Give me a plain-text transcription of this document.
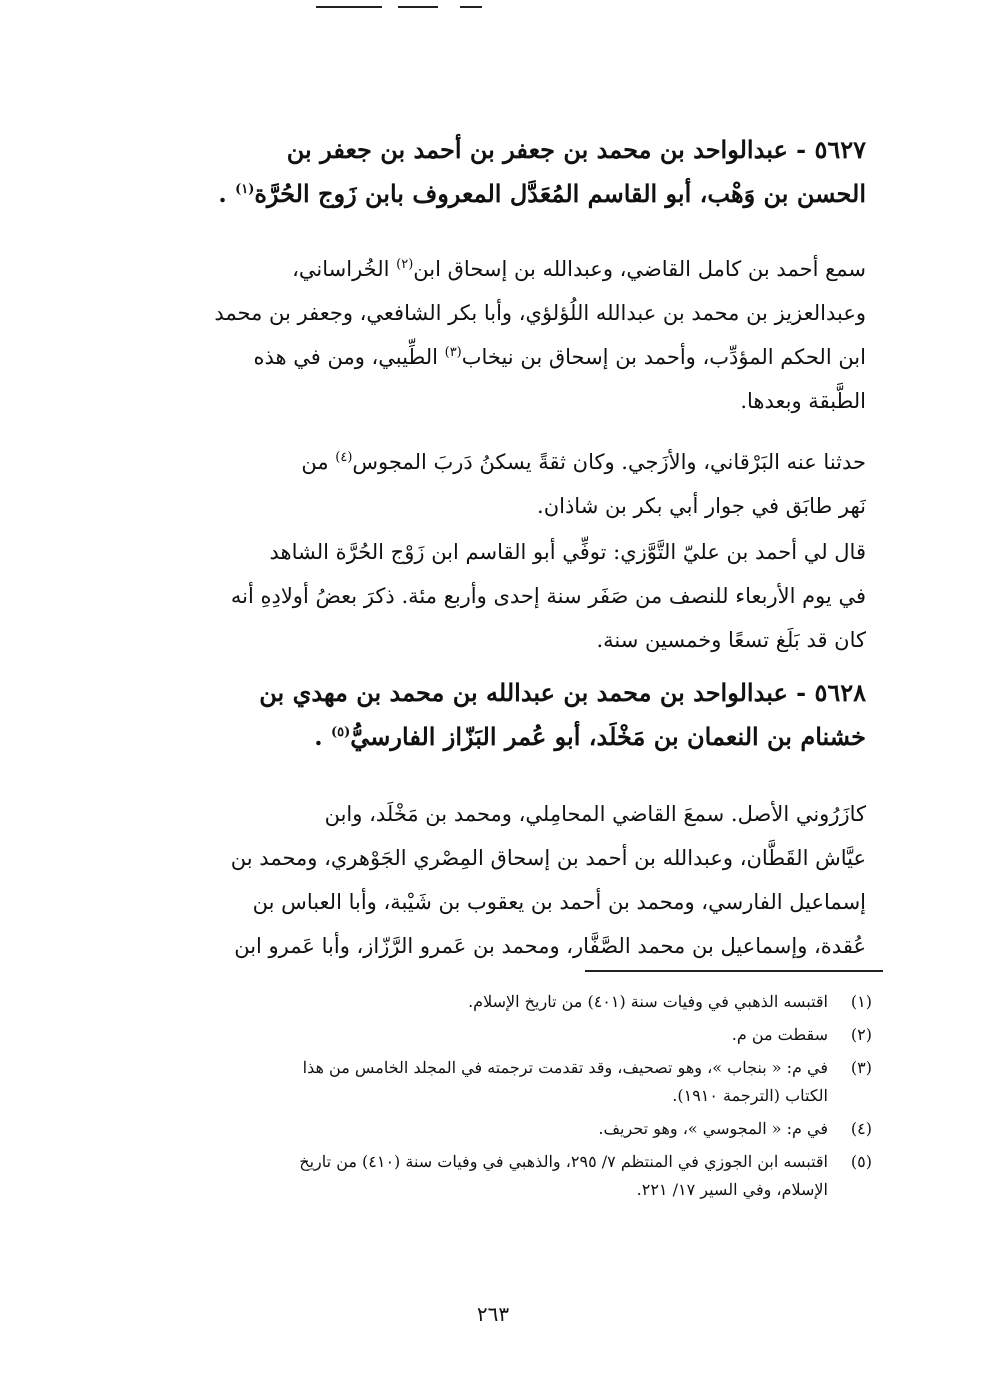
٥٦٢٧ - عبدالواحد بن محمد بن جعفر بن أحمد بن جعفر بن
الحسن بن وَهْب، أبو القاسم المُعَدَّل المعروف بابن زَوج الحُرَّة$^{(١)}$ .
سمع أحمد بن كامل القاضي، وعبدالله بن إسحاق ابن$^{(٢)}$ الخُراساني،
وعبدالعزيز بن محمد بن عبدالله اللُؤلؤي، وأبا بكر الشافعي، وجعفر بن محمد
ابن الحكم المؤدِّب، وأحمد بن إسحاق بن نيخاب$^{(٣)}$ الطِّيبي، ومن في هذه
الطَّبقة وبعدها.
حدثنا عنه البَرْقاني، والأزَجي. وكان ثقةً يسكنُ دَربَ المجوس$^{(٤)}$ من
نَهر طابَق في جوار أبي بكر بن شاذان.
قال لي أحمد بن عليّ التَّوَّزي: توفِّي أبو القاسم ابن زَوْج الحُرَّة الشاهد
في يوم الأربعاء للنصف من صَفَر سنة إحدى وأربع مئة. ذكرَ بعضُ أولادِهِ أنه
كان قد بَلَغ تسعًا وخمسين سنة.
٥٦٢٨ - عبدالواحد بن محمد بن عبدالله بن محمد بن مهدي بن
خشنام بن النعمان بن مَخْلَد، أبو عُمر البَزّاز الفارسيُّ$^{(٥)}$ .
كازَرُوني الأصل. سمعَ القاضي المحامِلي، ومحمد بن مَخْلَد، وابن
عيَّاش القَطَّان، وعبدالله بن أحمد بن إسحاق المِصْري الجَوْهري، ومحمد بن
إسماعيل الفارسي، ومحمد بن أحمد بن يعقوب بن شَيْبة، وأبا العباس بن
عُقدة، وإسماعيل بن محمد الصَّفَّار، ومحمد بن عَمرو الرَّزّاز، وأبا عَمرو ابن
(١)
اقتبسه الذهبي في وفيات سنة (٤٠١) من تاريخ الإسلام.
(٢)
سقطت من م.
(٣)
في م: « بنجاب »، وهو تصحيف، وقد تقدمت ترجمته في المجلد الخامس من هذا
الكتاب (الترجمة ١٩١٠).
(٤)
في م: « المجوسي »، وهو تحريف.
(٥)
اقتبسه ابن الجوزي في المنتظم ٧/ ٢٩٥، والذهبي في وفيات سنة (٤١٠) من تاريخ
الإسلام، وفي السير ١٧/ ٢٢١.
٢٦٣
